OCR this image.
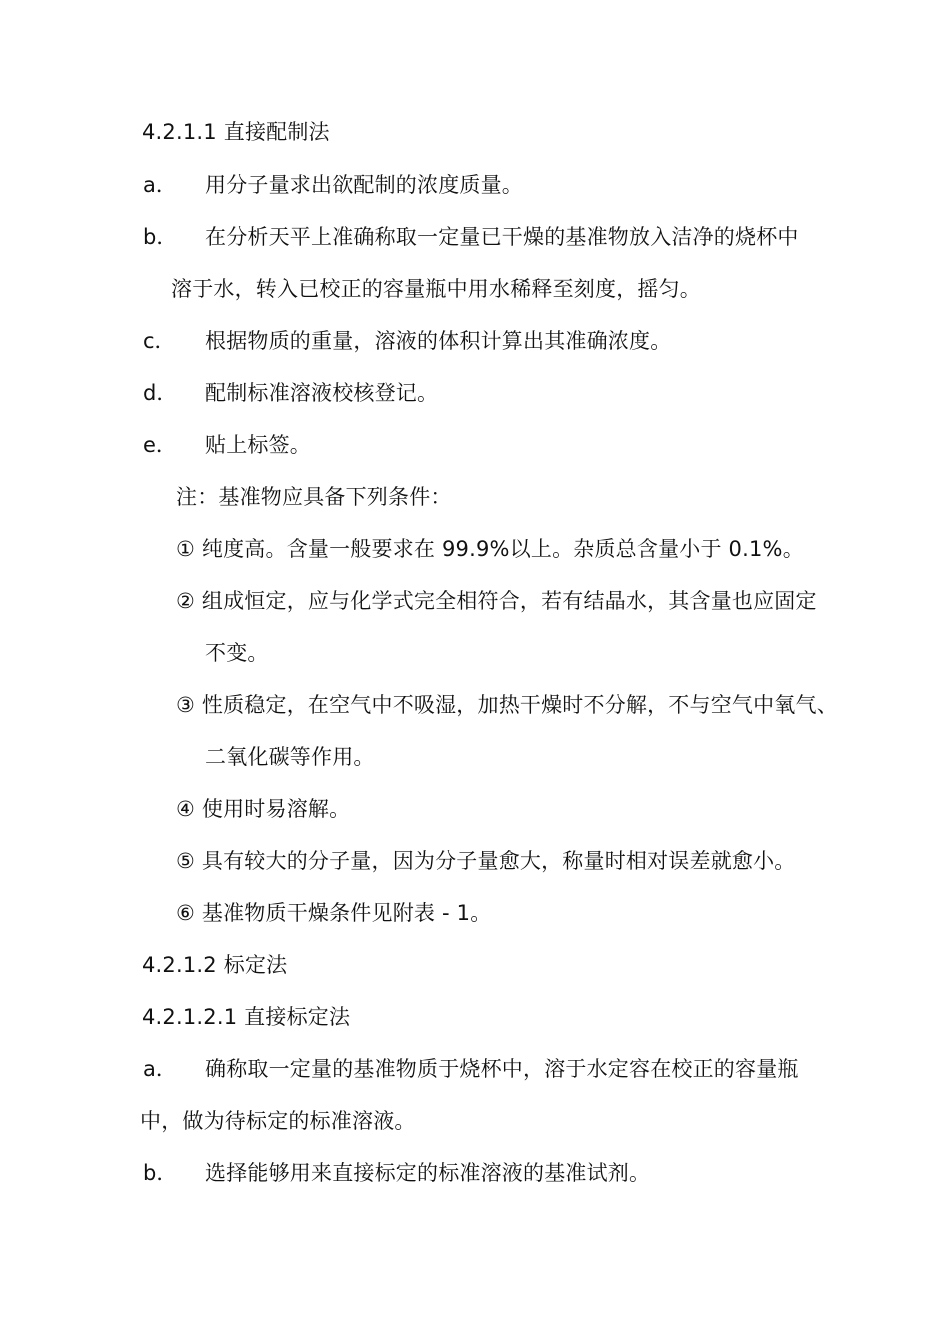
4.2.1.1 直接配制法
a． 用分子量求出欲配制的浓度质量。
b． 在分析天平上准确称取一定量已干燥的基准物放入洁净的烧杯中
溶于水，转入已校正的容量瓶中用水稀释至刻度，摇匀。
c． 根据物质的重量，溶液的体积计算出其准确浓度。
d． 配制标准溶液校核登记。
e． 贴上标签。
注：基准物应具备下列条件：
① 纯度高。含量一般要求在 99.9%以上。杂质总含量小于 0.1%。
② 组成恒定，应与化学式完全相符合，若有结晶水，其含量也应固定
不变。
③ 性质稳定，在空气中不吸湿，加热干燥时不分解，不与空气中氧气、
二氧化碳等作用。
④ 使用时易溶解。
⑤ 具有较大的分子量，因为分子量愈大，称量时相对误差就愈小。
⑥ 基准物质干燥条件见附表 - 1。
4.2.1.2 标定法
4.2.1.2.1 直接标定法
a． 确称取一定量的基准物质于烧杯中，溶于水定容在校正的容量瓶
中，做为待标定的标准溶液。
b． 选择能够用来直接标定的标准溶液的基准试剂。
